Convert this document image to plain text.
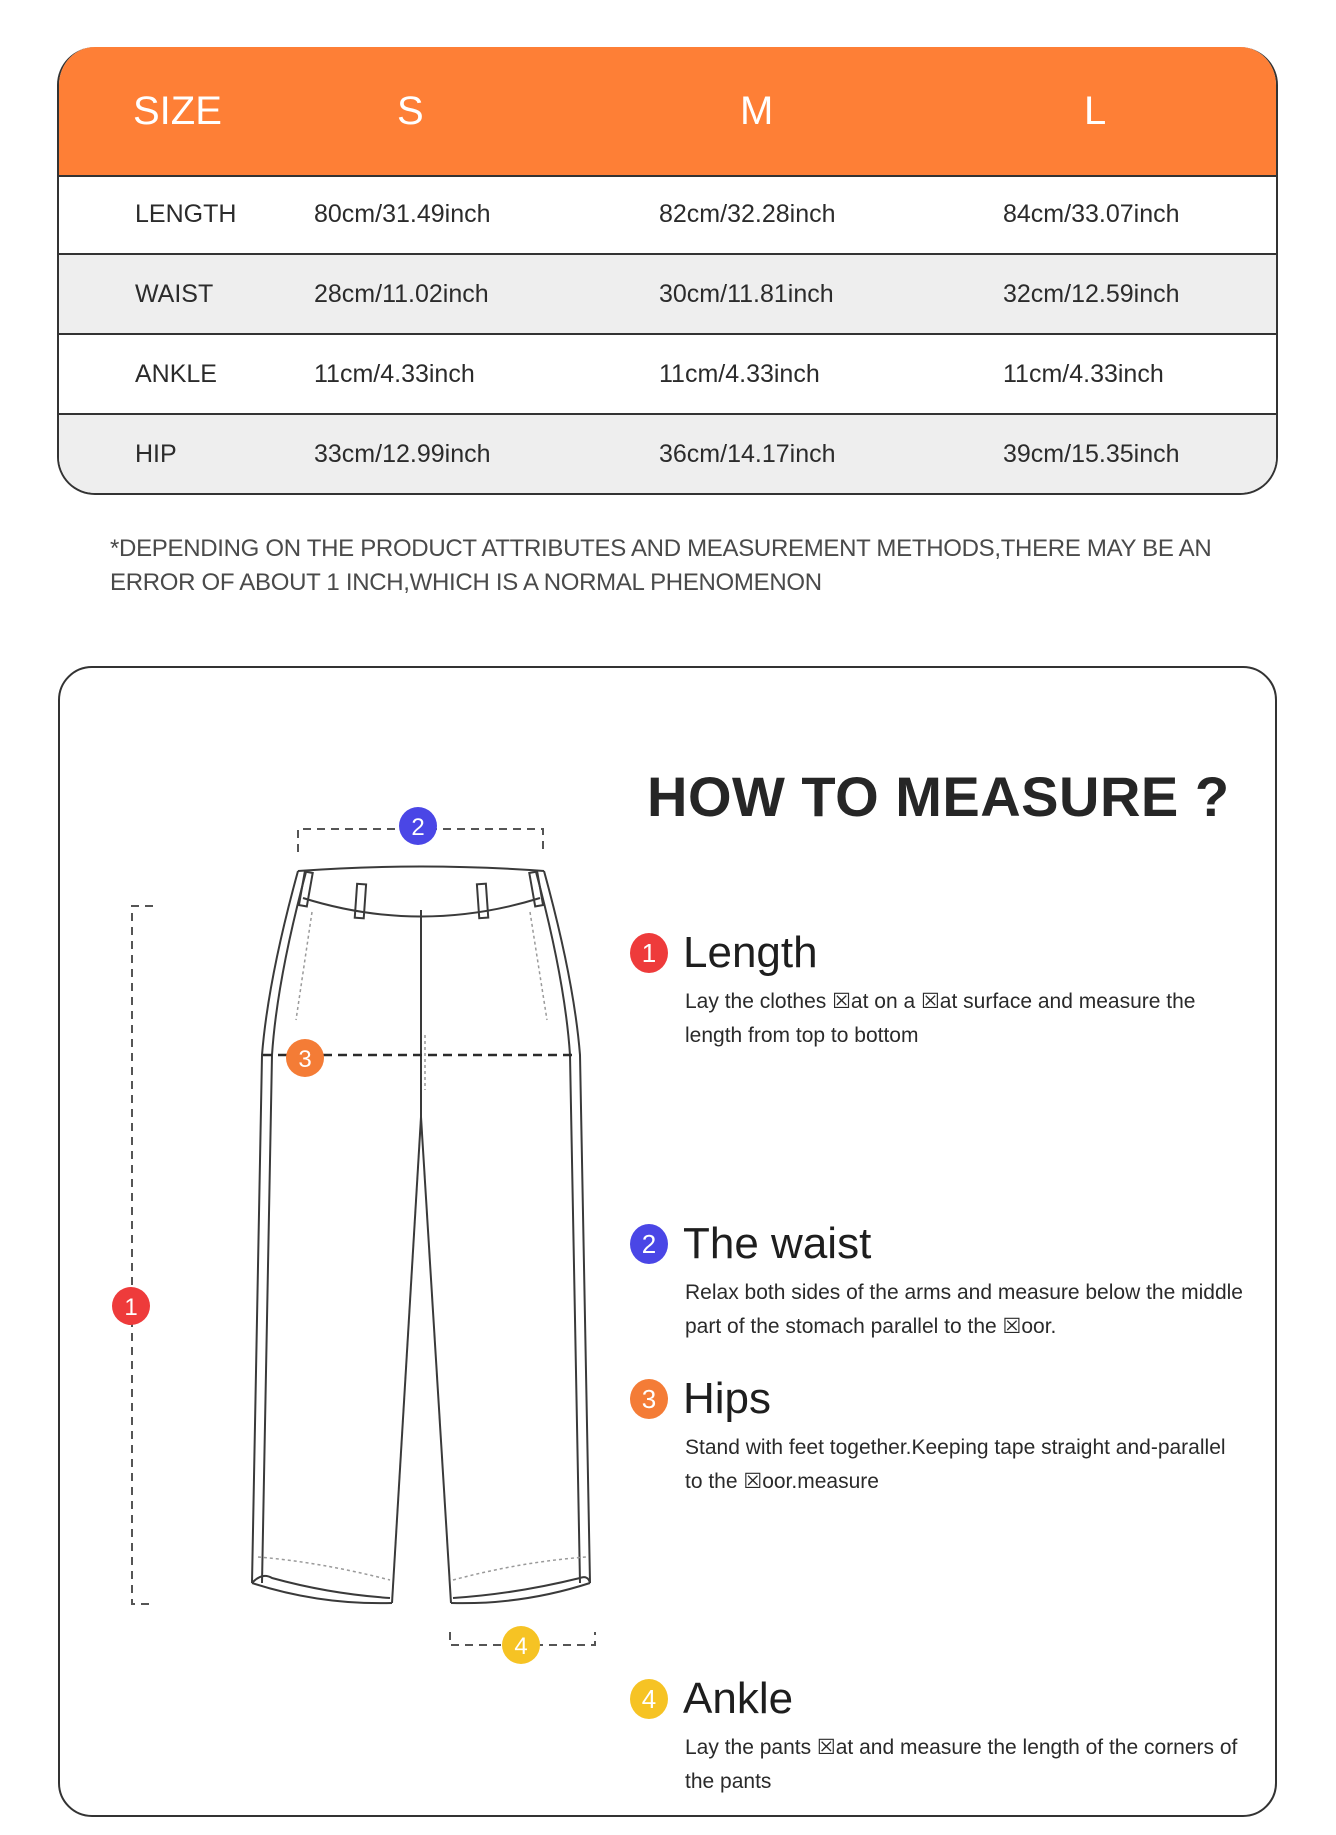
SIZE	S	M	L
LENGTH	80cm/31.49inch	82cm/32.28inch	84cm/33.07inch
WAIST	28cm/11.02inch	30cm/11.81inch	32cm/12.59inch
ANKLE	11cm/4.33inch	11cm/4.33inch	11cm/4.33inch
HIP	33cm/12.99inch	36cm/14.17inch	39cm/15.35inch
*DEPENDING ON THE PRODUCT ATTRIBUTES AND MEASUREMENT METHODS,THERE MAY BE AN ERROR OF ABOUT 1 INCH,WHICH IS A NORMAL PHENOMENON
1
2
3
4
HOW TO MEASURE ?
1 Length
Lay the clothes ☒at on a ☒at surface and measure the length from top to bottom
2 The waist
Relax both sides of the arms and measure below the middle part of the stomach parallel to the ☒oor.
3 Hips
Stand with feet together.Keeping tape straight and-parallel to the ☒oor.measure
4 Ankle
Lay the pants ☒at and measure the length of the corners of the pants
